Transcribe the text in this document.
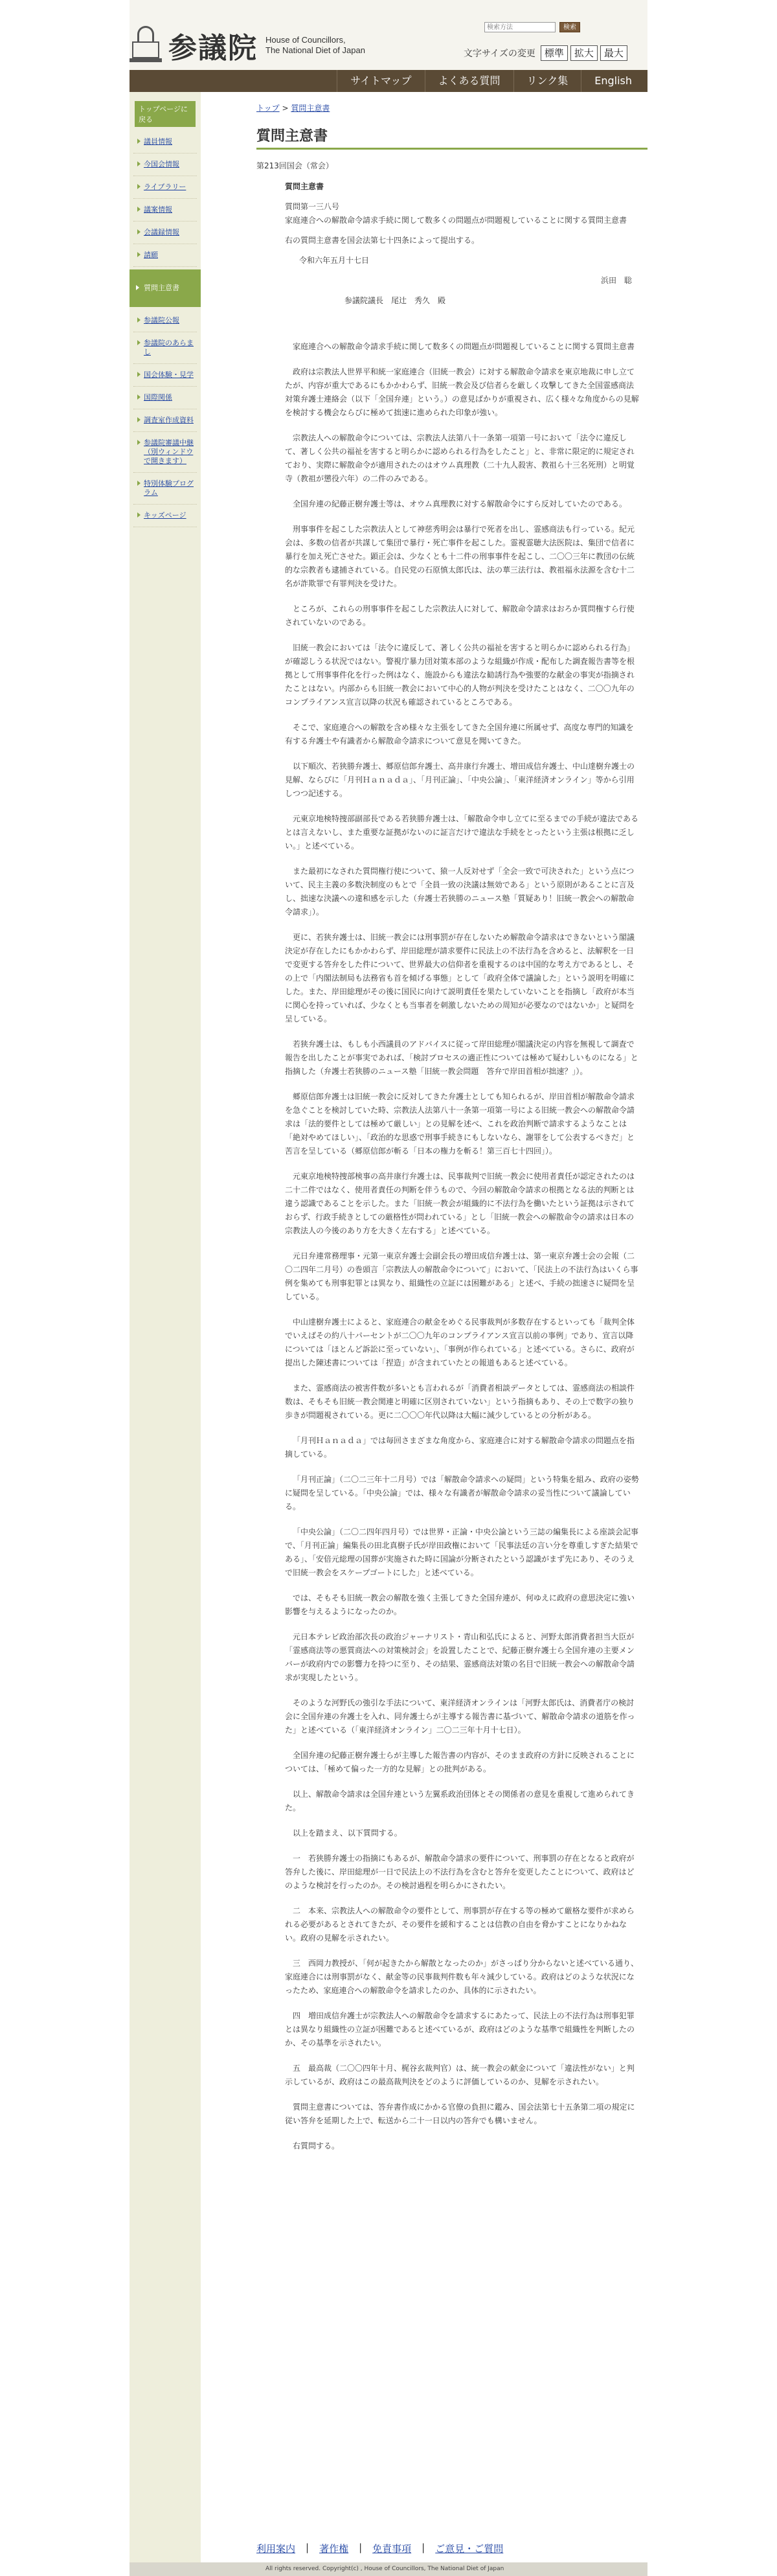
参議院 House of Councillors,
The National Diet of Japan
検索方法
検索
文字サイズの変更 標準	拡大	最大
サイトマップ	よくある質問	リンク集	English
トップページに戻る
議員情報
今国会情報
ライブラリー
議案情報
会議録情報
請願
質問主意書
参議院公報
参議院のあらまし
国会体験・見学
国際関係
調査室作成資料
参議院審議中継（別ウィンドウで開きます）
特別体験プログラム
キッズページ
トップ > 質問主意書
質問主意書
第213回国会（常会）
質問主意書
質問第一三八号
家庭連合への解散命令請求手続に関して数多くの問題点が問題視していることに関する質問主意書
右の質問主意書を国会法第七十四条によって提出する。
令和六年五月十七日
浜田　聡
参議院議長　尾辻　秀久　殿

家庭連合への解散命令請求手続に関して数多くの問題点が問題視していることに関する質問主意書

政府は宗教法人世界平和統一家庭連合（旧統一教会）に対する解散命令請求を東京地裁に申し立てたが、内容が重大であるにもかかわらず、旧統一教会及び信者らを厳しく攻撃してきた全国霊感商法対策弁護士連絡会（以下「全国弁連」という。）の意見ばかりが重視され、広く様々な角度からの見解を検討する機会ならびに極めて拙速に進められた印象が強い。

宗教法人への解散命令については、宗教法人法第八十一条第一項第一号において「法令に違反して、著しく公共の福祉を害すると明らかに認められる行為をしたこと」と、非常に限定的に規定されており、実際に解散命令が適用されたのはオウム真理教（二十九人殺害、教祖ら十三名死刑）と明覚寺（教祖が懲役六年）の二件のみである。

全国弁連の紀藤正樹弁護士等は、オウム真理教に対する解散命令にすら反対していたのである。

刑事事件を起こした宗教法人として神慈秀明会は暴行で死者を出し、霊感商法も行っている。紀元会は、多数の信者が共謀して集団で暴行・死亡事件を起こした。霊視霊聴大法医院は、集団で信者に暴行を加え死亡させた。顕正会は、少なくとも十二件の刑事事件を起こし、二〇〇三年に教団の伝統的な宗教者も逮捕されている。自民党の石原慎太郎氏は、法の華三法行は、教祖福永法源を含む十二名が詐欺罪で有罪判決を受けた。

ところが、これらの刑事事件を起こした宗教法人に対して、解散命令請求はおろか質問権すら行使されていないのである。

旧統一教会においては「法令に違反して、著しく公共の福祉を害すると明らかに認められる行為」が確認しうる状況ではない。警視庁暴力団対策本部のような組織が作成・配布した調査報告書等を根拠として刑事事件化を行った例はなく、施設からも違法な勧誘行為や強要的な献金の事実が指摘されたことはない。内部からも旧統一教会において中心的人物が判決を受けたことはなく、二〇〇九年のコンプライアンス宣言以降の状況も確認されているところである。

そこで、家庭連合への解散を含め様々な主張をしてきた全国弁連に所属せず、高度な専門的知識を有する弁護士や有識者から解散命令請求について意見を聞いてきた。

以下順次、若狭勝弁護士、郷原信郎弁護士、高井康行弁護士、增田成信弁護士、中山達樹弁護士の見解、ならびに「月刊Ｈａｎａｄａ」、「月刊正論」、「中央公論」、「東洋経済オンライン」等から引用しつつ記述する。

元東京地検特捜部副部長である若狭勝弁護士は、「解散命令申し立てに至るまでの手続が違法であるとは言えないし、また重要な証拠がないのに証言だけで違法な手続をとったという主張は根拠に乏しい。」と述べている。

また最初になされた質問権行使について、猿一人反対せず「全会一致で可決された」という点について、民主主義の多数決制度のもとで「全員一致の決議は無効である」という原則があることに言及し、拙速な決議への違和感を示した（弁護士若狭勝のニュース塾「質疑あり！旧統一教会への解散命令請求」）。

更に、若狭弁護士は、旧統一教会には刑事罰が存在しないため解散命令請求はできないという閣議決定が存在したにもかかわらず、岸田総理が請求要件に民法上の不法行為を含めると、法解釈を一日で変更する答弁をした件について、世界最大の信仰者を重視するのは中国的な考え方であるとし、その上で「内閣法制局も法務省も首を傾げる事態」として「政府全体で議論した」という説明を明確にした。また、岸田総理がその後に国民に向けて説明責任を果たしていないことを指摘し「政府が本当に関心を持っていれば、少なくとも当事者を刺激しないための周知が必要なのではないか」と疑問を呈している。

若狭弁護士は、もしも小西議員のアドバイスに従って岸田総理が閣議決定の内容を無視して調査で報告を出したことが事実であれば、「検討プロセスの適正性については極めて疑わしいものになる」と指摘した（弁護士若狭勝のニュース塾「旧統一教会問題　答弁で岸田首相が拙速？」）。

郷原信郎弁護士は旧統一教会に反対してきた弁護士としても知られるが、岸田首相が解散命令請求を急ぐことを検討していた時、宗教法人法第八十一条第一項第一号による旧統一教会への解散命令請求は「法的要件としては極めて厳しい」との見解を述べ、これを政治判断で請求するようなことは「絶対やめてほしい」、「政治的な思惑で刑事手続きにもしないなら、謝罪をして公表するべきだ」と苦言を呈している（郷原信郎が斬る「日本の権力を斬る！第三百七十四回」）。

元東京地検特捜部検事の高井康行弁護士は、民事裁判で旧統一教会に使用者責任が認定されたのは二十二件ではなく、使用者責任の判断を伴うもので、今回の解散命令請求の根拠となる法的判断とは違う認識であることを示した。また「旧統一教会が組織的に不法行為を働いたという証拠は示されておらず、行政手続きとしての厳格性が問われている」とし「旧統一教会への解散命令の請求は日本の宗教法人の今後のあり方を大きく左右する」と述べている。

元日弁連常務理事・元第一東京弁護士会副会長の增田成信弁護士は、第一東京弁護士会の会報（二〇二四年二月号）の巻頭言「宗教法人の解散命令について」において、「民法上の不法行為はいくら事例を集めても刑事犯罪とは異なり、組織性の立証には困難がある」と述べ、手続の拙速さに疑問を呈している。

中山達樹弁護士によると、家庭連合の献金をめぐる民事裁判が多数存在するといっても「裁判全体でいえばその約八十パーセントが二〇〇九年のコンプライアンス宣言以前の事例」であり、宣言以降については「ほとんど訴訟に至っていない」、「事例が作られている」と述べている。さらに、政府が提出した陳述書については「捏造」が含まれていたとの報道もあると述べている。

また、霊感商法の被害件数が多いとも言われるが「消費者相談データとしては、霊感商法の相談件数は、そもそも旧統一教会関連と明確に区別されていない」という指摘もあり、その上で数字の独り歩きが問題視されている。更に二〇〇〇年代以降は大幅に減少しているとの分析がある。

「月刊Ｈａｎａｄａ」では毎回さまざまな角度から、家庭連合に対する解散命令請求の問題点を指摘している。

「月刊正論」（二〇二三年十二月号）では「解散命令請求への疑問」という特集を組み、政府の姿勢に疑問を呈している。「中央公論」では、様々な有識者が解散命令請求の妥当性について議論している。

「中央公論」（二〇二四年四月号）では世界・正論・中央公論という三誌の編集長による座談会記事で、「月刊正論」編集長の田北真樹子氏が岸田政権において「民事法廷の言い分を尊重しすぎた結果である」、「安倍元総理の国葬が実施された時に国論が分断されたという認識がまず先にあり、そのうえで旧統一教会をスケープゴートにした」と述べている。

では、そもそも旧統一教会の解散を強く主張してきた全国弁連が、何ゆえに政府の意思決定に強い影響を与えるようになったのか。

元日本テレビ政治部次長の政治ジャーナリスト・青山和弘氏によると、河野太郎消費者担当大臣が「霊感商法等の悪質商法への対策検討会」を設置したことで、紀藤正樹弁護士ら全国弁連の主要メンバーが政府内での影響力を持つに至り、その結果、霊感商法対策の名目で旧統一教会への解散命令請求が実現したという。

そのような河野氏の強引な手法について、東洋経済オンラインは「河野太郎氏は、消費者庁の検討会に全国弁連の弁護士を入れ、同弁護士らが主導する報告書に基づいて、解散命令請求の道筋を作った」と述べている（「東洋経済オンライン」二〇二三年十月十七日）。

全国弁連の紀藤正樹弁護士らが主導した報告書の内容が、そのまま政府の方針に反映されることについては、「極めて偏った一方的な見解」との批判がある。

以上、解散命令請求は全国弁連という左翼系政治団体とその関係者の意見を重視して進められてきた。

以上を踏まえ、以下質問する。

一　若狭勝弁護士の指摘にもあるが、解散命令請求の要件について、刑事罰の存在となると政府が答弁した後に、岸田総理が一日で民法上の不法行為を含むと答弁を変更したことについて、政府はどのような検討を行ったのか。その検討過程を明らかにされたい。

二　本来、宗教法人への解散命令の要件として、刑事罰が存在する等の極めて厳格な要件が求められる必要があるとされてきたが、その要件を緩和することは信教の自由を脅かすことになりかねない。政府の見解を示されたい。

三　西岡力教授が、「何が起きたから解散となったのか」がさっぱり分からないと述べている通り、家庭連合には刑事罰がなく、献金等の民事裁判件数も年々減少している。政府はどのような状況になったため、家庭連合への解散命令を請求したのか、具体的に示されたい。

四　増田成信弁護士が宗教法人への解散命令を請求するにあたって、民法上の不法行為は刑事犯罪とは異なり組織性の立証が困難であると述べているが、政府はどのような基準で組織性を判断したのか、その基準を示されたい。

五　最高裁（二〇〇四年十月、梶谷玄裁判官）は、統一教会の献金について「違法性がない」と判示しているが、政府はこの最高裁判決をどのように評価しているのか、見解を示されたい。

質問主意書については、答弁書作成にかかる官僚の負担に鑑み、国会法第七十五条第二項の規定に従い答弁を延期した上で、転送から二十一日以内の答弁でも構いません。

右質問する。

利用案内 | 著作権 | 免責事項 | ご意見・ご質問
All rights reserved. Copyright(c) , House of Councillors, The National Diet of Japan
